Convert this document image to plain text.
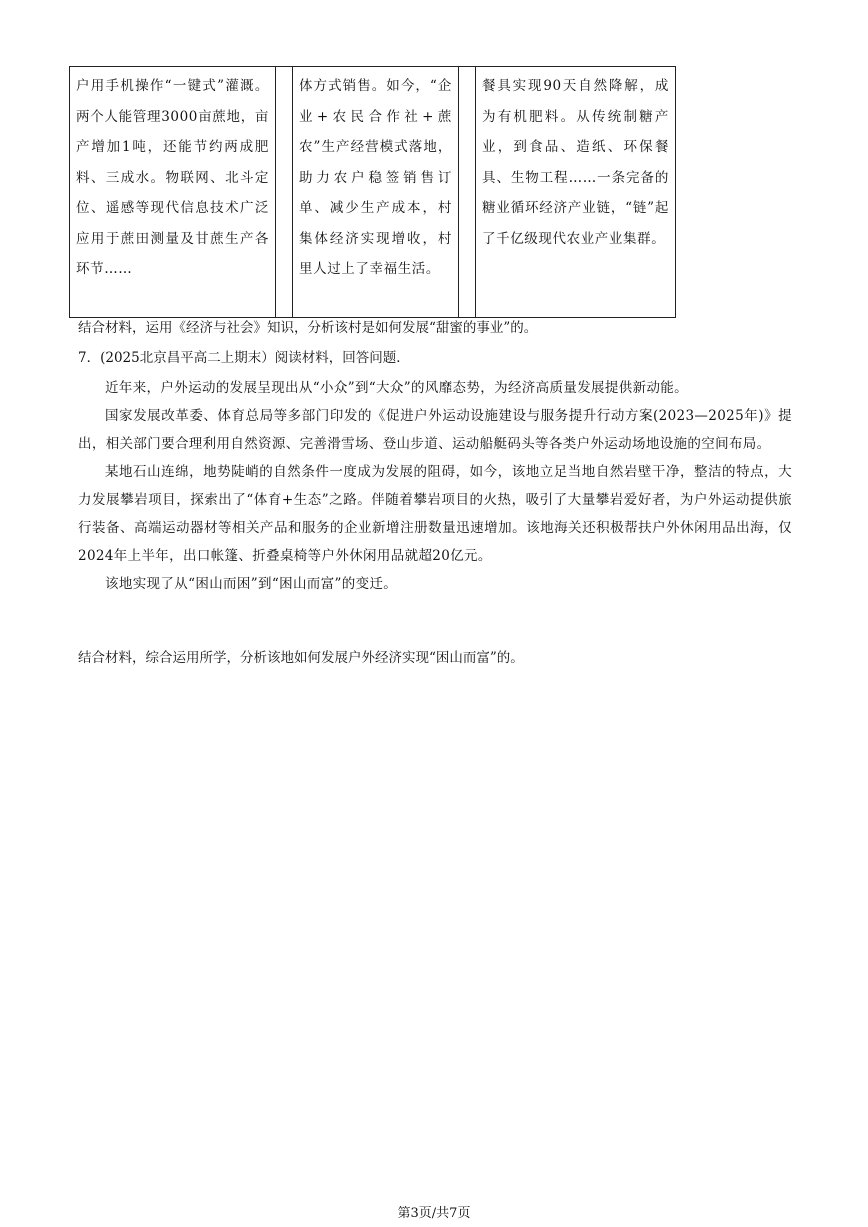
户用手机操作“一键式”灌溉。两个人能管理3000亩蔗地，亩产增加1吨，还能节约两成肥料、三成水。物联网、北斗定位、遥感等现代信息技术广泛应用于蔗田测量及甘蔗生产各环节……

体方式销售。如今，“企业+农民合作社+蔗农”生产经营模式落地，助力农户稳签销售订单、减少生产成本，村集体经济实现增收，村里人过上了幸福生活。

餐具实现90天自然降解，成为有机肥料。从传统制糖产业，到食品、造纸、环保餐具、生物工程……一条完备的糖业循环经济产业链，“链”起了千亿级现代农业产业集群。

结合材料，运用《经济与社会》知识，分析该村是如何发展“甜蜜的事业”的。
7．(2025北京昌平高二上期末）阅读材料，回答问题．

近年来，户外运动的发展呈现出从“小众”到“大众”的风靡态势，为经济高质量发展提供新动能。

国家发展改革委、体育总局等多部门印发的《促进户外运动设施建设与服务提升行动方案(2023—2025年)》提出，相关部门要合理利用自然资源、完善滑雪场、登山步道、运动船艇码头等各类户外运动场地设施的空间布局。

某地石山连绵，地势陡峭的自然条件一度成为发展的阻碍，如今，该地立足当地自然岩壁干净，整洁的特点，大力发展攀岩项目，探索出了“体育+生态”之路。伴随着攀岩项目的火热，吸引了大量攀岩爱好者，为户外运动提供旅行装备、高端运动器材等相关产品和服务的企业新增注册数量迅速增加。该地海关还积极帮扶户外休闲用品出海，仅2024年上半年，出口帐篷、折叠桌椅等户外休闲用品就超20亿元。

该地实现了从“困山而困”到“困山而富”的变迁。

结合材料，综合运用所学，分析该地如何发展户外经济实现“困山而富”的。
第3页/共7页
